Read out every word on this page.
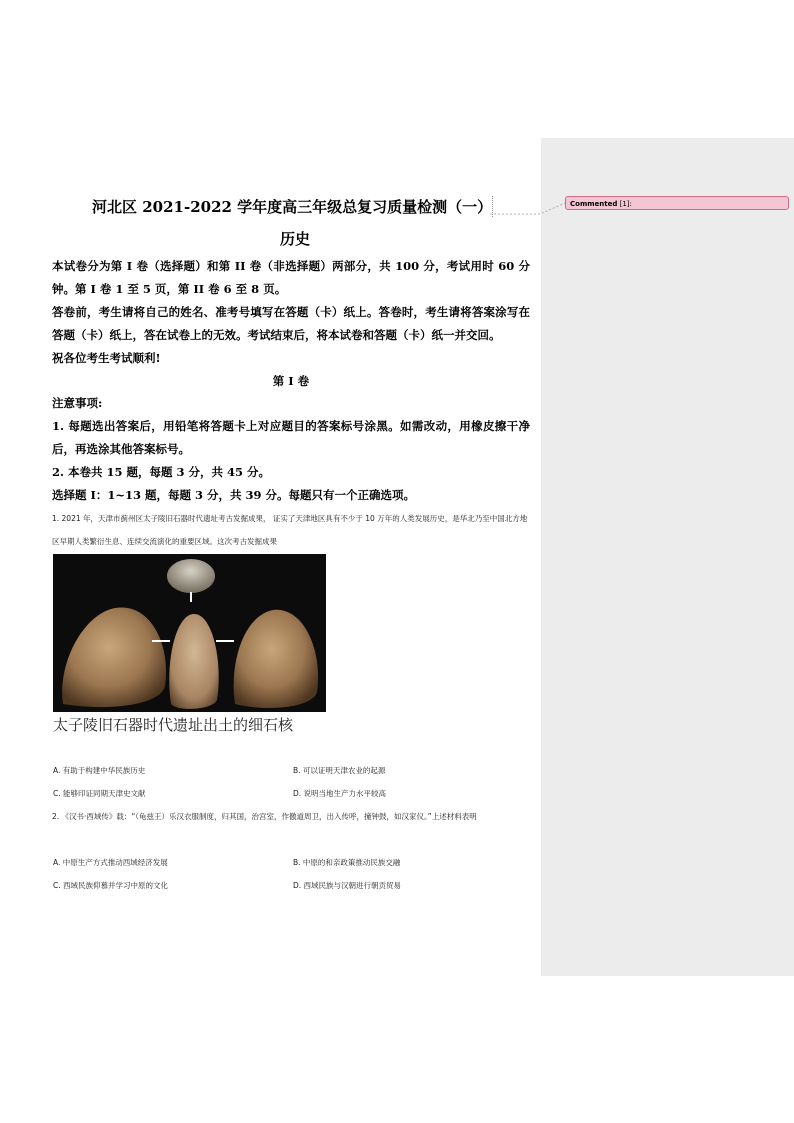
Commented [1]:
河北区 2021-2022 学年度高三年级总复习质量检测（一）
历史
本试卷分为第 I 卷（选择题）和第 II 卷（非选择题）两部分，共 100 分，考试用时 60 分钟。第 I 卷 1 至 5 页，第 II 卷 6 至 8 页。
答卷前，考生请将自己的姓名、准考号填写在答题（卡）纸上。答卷时，考生请将答案涂写在答题（卡）纸上，答在试卷上的无效。考试结束后，将本试卷和答题（卡）纸一并交回。
祝各位考生考试顺利!
第 I 卷
注意事项:
1. 每题选出答案后，用铅笔将答题卡上对应题目的答案标号涂黑。如需改动，用橡皮擦干净后，再选涂其他答案标号。
2. 本卷共 15 题，每题 3 分，共 45 分。
选择题 I：1~13 题，每题 3 分，共 39 分。每题只有一个正确选项。
1. 2021 年，天津市蓟州区太子陵旧石器时代遗址考古发掘成果， 证实了天津地区具有不少于 10 万年的人类发展历史，是华北乃至中国北方地区早期人类繁衍生息、连续交流演化的重要区域。这次考古发掘成果
太子陵旧石器时代遗址出土的细石核
A. 有助于构建中华民族历史	B. 可以证明天津农业的起源
C. 能够印证同期天津史文献	D. 说明当地生产力水平较高
2. 《汉书·西域传》载：“（龟兹王）乐汉衣服制度，归其国，治宫室，作徼道周卫，出入传呼，撞钟鼓，如汉家仪。”上述材料表明
A. 中原生产方式推动西域经济发展	B. 中原的和亲政策推动民族交融
C. 西域民族仰慕并学习中原的文化	D. 西域民族与汉朝进行朝贡贸易
